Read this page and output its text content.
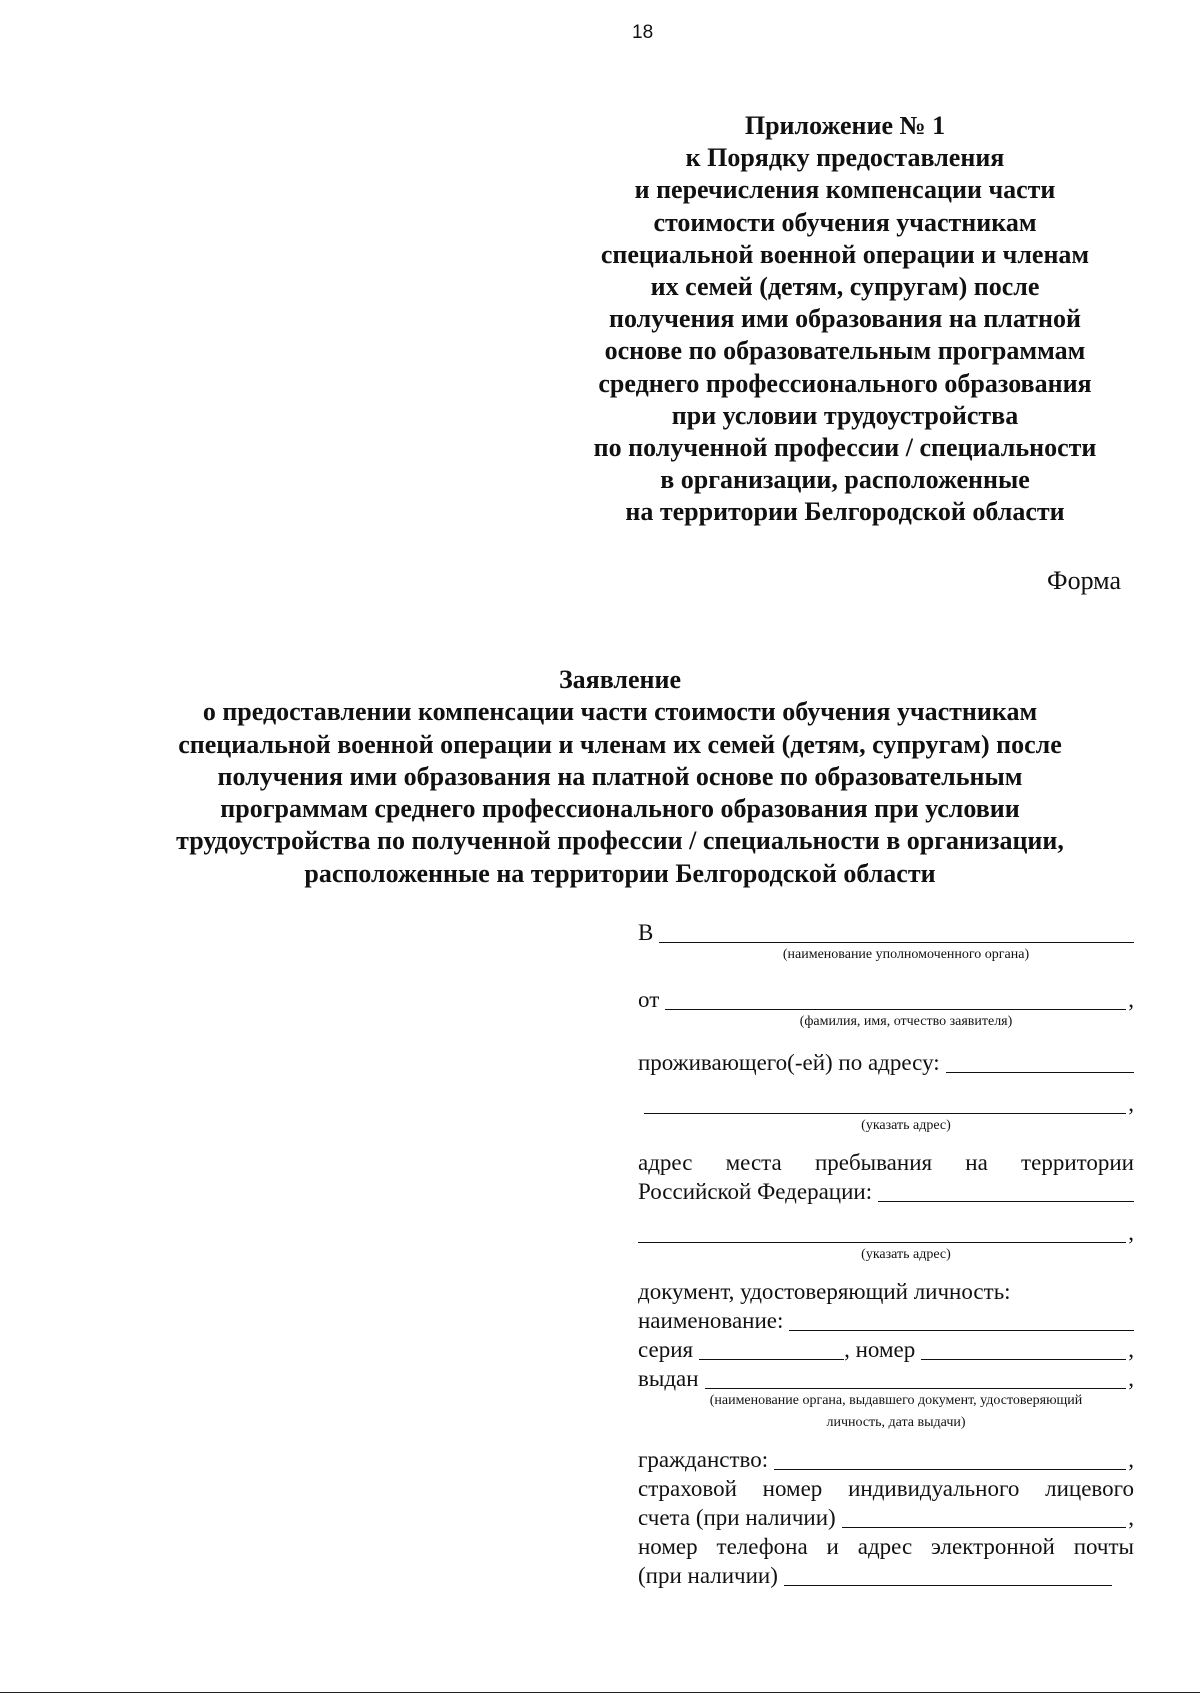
18
Приложение № 1
к Порядку предоставления
и перечисления компенсации части
стоимости обучения участникам
специальной военной операции и членам
их семей (детям, супругам) после
получения ими образования на платной
основе по образовательным программам
среднего профессионального образования
при условии трудоустройства
по полученной профессии / специальности
в организации, расположенные
на территории Белгородской области
Форма
Заявление
о предоставлении компенсации части стоимости обучения участникам
специальной военной операции и членам их семей (детям, супругам) после
получения ими образования на платной основе по образовательным
программам среднего профессионального образования при условии
трудоустройства по полученной профессии / специальности в организации,
расположенные на территории Белгородской области
В
(наименование уполномоченного органа)
от	,
(фамилия, имя, отчество заявителя)
проживающего(-ей) по адресу:
,
(указать адрес)
адрес места пребывания на территории
Российской Федерации:
,
(указать адрес)
документ, удостоверяющий личность:
наименование:
серия	, номер	,
выдан	,
(наименование органа, выдавшего документ, удостоверяющий
личность, дата выдачи)
гражданство:	,
страховой номер индивидуального лицевого
счета (при наличии)	,
номер телефона и адрес электронной почты
(при наличии)
